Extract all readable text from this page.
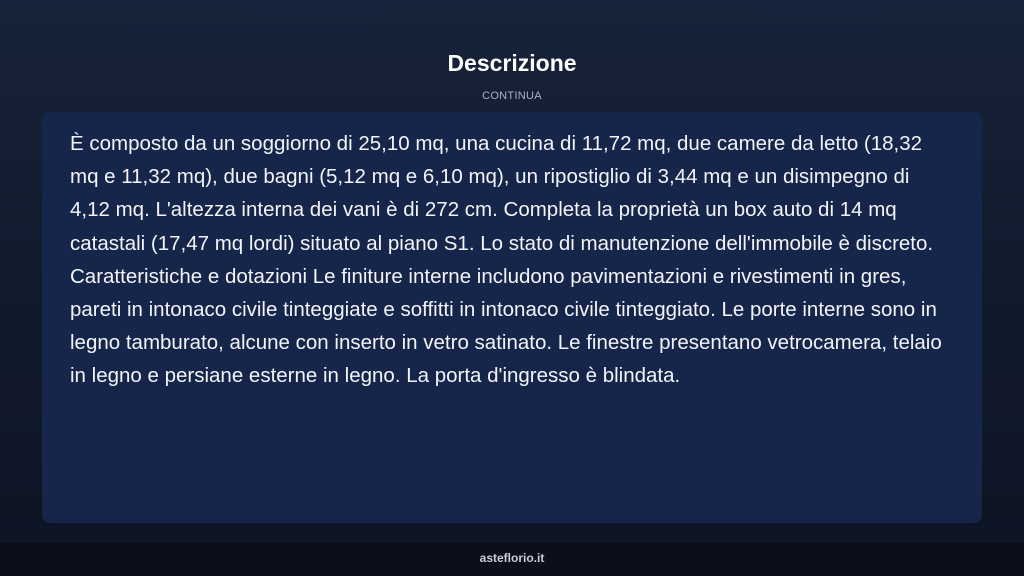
Descrizione
CONTINUA

È composto da un soggiorno di 25,10 mq, una cucina di 11,72 mq, due camere da letto (18,32 mq e 11,32 mq), due bagni (5,12 mq e 6,10 mq), un ripostiglio di 3,44 mq e un disimpegno di 4,12 mq. L'altezza interna dei vani è di 272 cm. Completa la proprietà un box auto di 14 mq catastali (17,47 mq lordi) situato al piano S1. Lo stato di manutenzione dell'immobile è discreto. Caratteristiche e dotazioni Le finiture interne includono pavimentazioni e rivestimenti in gres, pareti in intonaco civile tinteggiate e soffitti in intonaco civile tinteggiato. Le porte interne sono in legno tamburato, alcune con inserto in vetro satinato. Le finestre presentano vetrocamera, telaio in legno e persiane esterne in legno. La porta d'ingresso è blindata.

asteflorio.it
